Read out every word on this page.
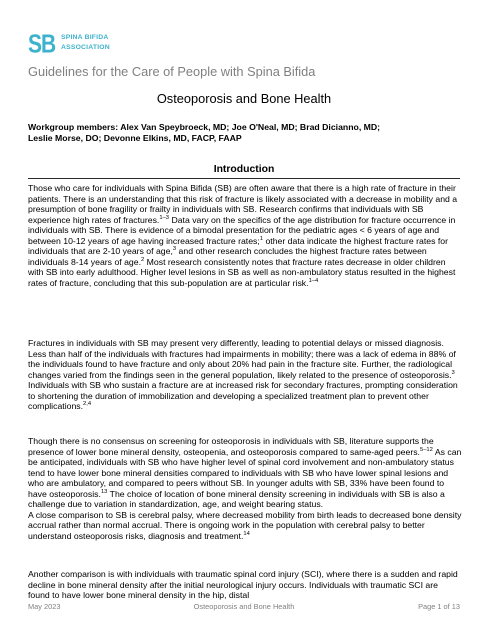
SB SPINA BIFIDA
ASSOCIATION
Guidelines for the Care of People with Spina Bifida
Osteoporosis and Bone Health
Workgroup members: Alex Van Speybroeck, MD; Joe O'Neal, MD; Brad Dicianno, MD;
Leslie Morse, DO; Devonne Elkins, MD, FACP, FAAP
Introduction
Those who care for individuals with Spina Bifida (SB) are often aware that there is a high rate of fracture in their patients. There is an understanding that this risk of fracture is likely associated with a decrease in mobility and a presumption of bone fragility or frailty in individuals with SB. Research confirms that individuals with SB experience high rates of fractures.$^{1-3}$ Data vary on the specifics of the age distribution for fracture occurrence in individuals with SB. There is evidence of a bimodal presentation for the pediatric ages < 6 years of age and between 10-12 years of age having increased fracture rates;$^1$ other data indicate the highest fracture rates for individuals that are 2-10 years of age,$^3$ and other research concludes the highest fracture rates between individuals 8-14 years of age.$^2$ Most research consistently notes that fracture rates decrease in older children with SB into early adulthood. Higher level lesions in SB as well as non-ambulatory status resulted in the highest rates of fracture, concluding that this sub-population are at particular risk.$^{1-4}$
Fractures in individuals with SB may present very differently, leading to potential delays or missed diagnosis. Less than half of the individuals with fractures had impairments in mobility; there was a lack of edema in 88% of the individuals found to have fracture and only about 20% had pain in the fracture site. Further, the radiological changes varied from the findings seen in the general population, likely related to the presence of osteoporosis.$^3$ Individuals with SB who sustain a fracture are at increased risk for secondary fractures, prompting consideration to shortening the duration of immobilization and developing a specialized treatment plan to prevent other complications.$^{2,4}$
Though there is no consensus on screening for osteoporosis in individuals with SB, literature supports the presence of lower bone mineral density, osteopenia, and osteoporosis compared to same-aged peers.$^{5-12}$ As can be anticipated, individuals with SB who have higher level of spinal cord involvement and non-ambulatory status tend to have lower bone mineral densities compared to individuals with SB who have lower spinal lesions and who are ambulatory, and compared to peers without SB. In younger adults with SB, 33% have been found to have osteoporosis.$^{13}$ The choice of location of bone mineral density screening in individuals with SB is also a challenge due to variation in standardization, age, and weight bearing status.
A close comparison to SB is cerebral palsy, where decreased mobility from birth leads to decreased bone density accrual rather than normal accrual. There is ongoing work in the population with cerebral palsy to better understand osteoporosis risks, diagnosis and treatment.$^{14}$
Another comparison is with individuals with traumatic spinal cord injury (SCI), where there is a sudden and rapid decline in bone mineral density after the initial neurological injury occurs. Individuals with traumatic SCI are found to have lower bone mineral density in the hip, distal
May 2023	Osteoporosis and Bone Health	Page 1 of 13
